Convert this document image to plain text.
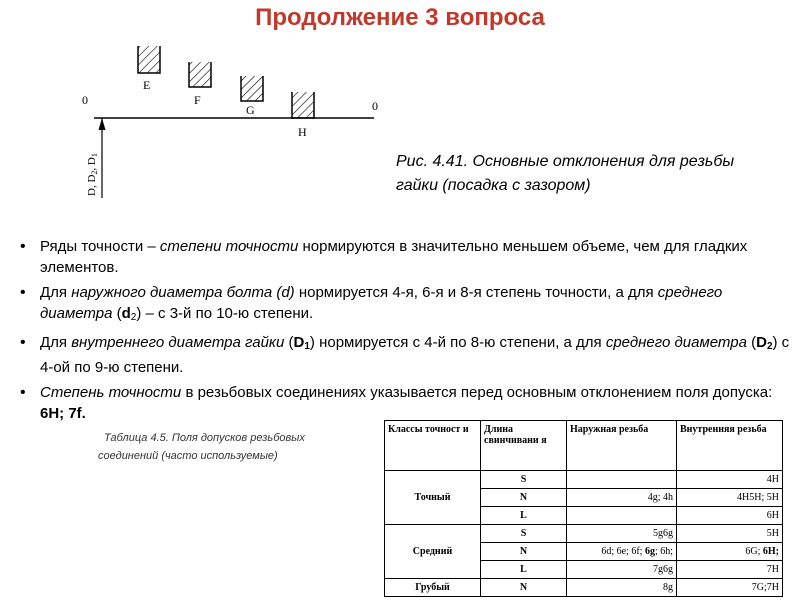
Продолжение 3 вопроса
0	0
D, D2, D1
E
F
G
H

Рис. 4.41. Основные отклонения для резьбы гайки (посадка с зазором)

• Ряды точности – степени точности нормируются в значительно меньшем объеме, чем для гладких элементов.
• Для наружного диаметра болта (d) нормируется 4-я, 6-я и 8-я степень точности, а для среднего диаметра $(d_2)$ – с 3-й по 10-ю степени.
• Для внутреннего диаметра гайки $(D_1)$ нормируется с 4-й по 8-ю степени, а для среднего диаметра $(D_2)$ с 4-ой по 9-ю степени.
• Степень точности в резьбовых соединениях указывается перед основным отклонением поля допуска: 6H; 7f.
Таблица 4.5. Поля допусков резьбовых
соединений (часто используемые)
Классы точност и	Длина свинчивани я	Наружная резьба	Внутренняя резьба
Точный	S		4H
	N	4g; 4h	4H5H; 5H
	L		6H
Средний	S	5g6g	5H
	N	6d; 6e; 6f; 6g; 6h;	6G; 6H;
	L	7g6g	7H
Грубый	N	8g	7G;7H
